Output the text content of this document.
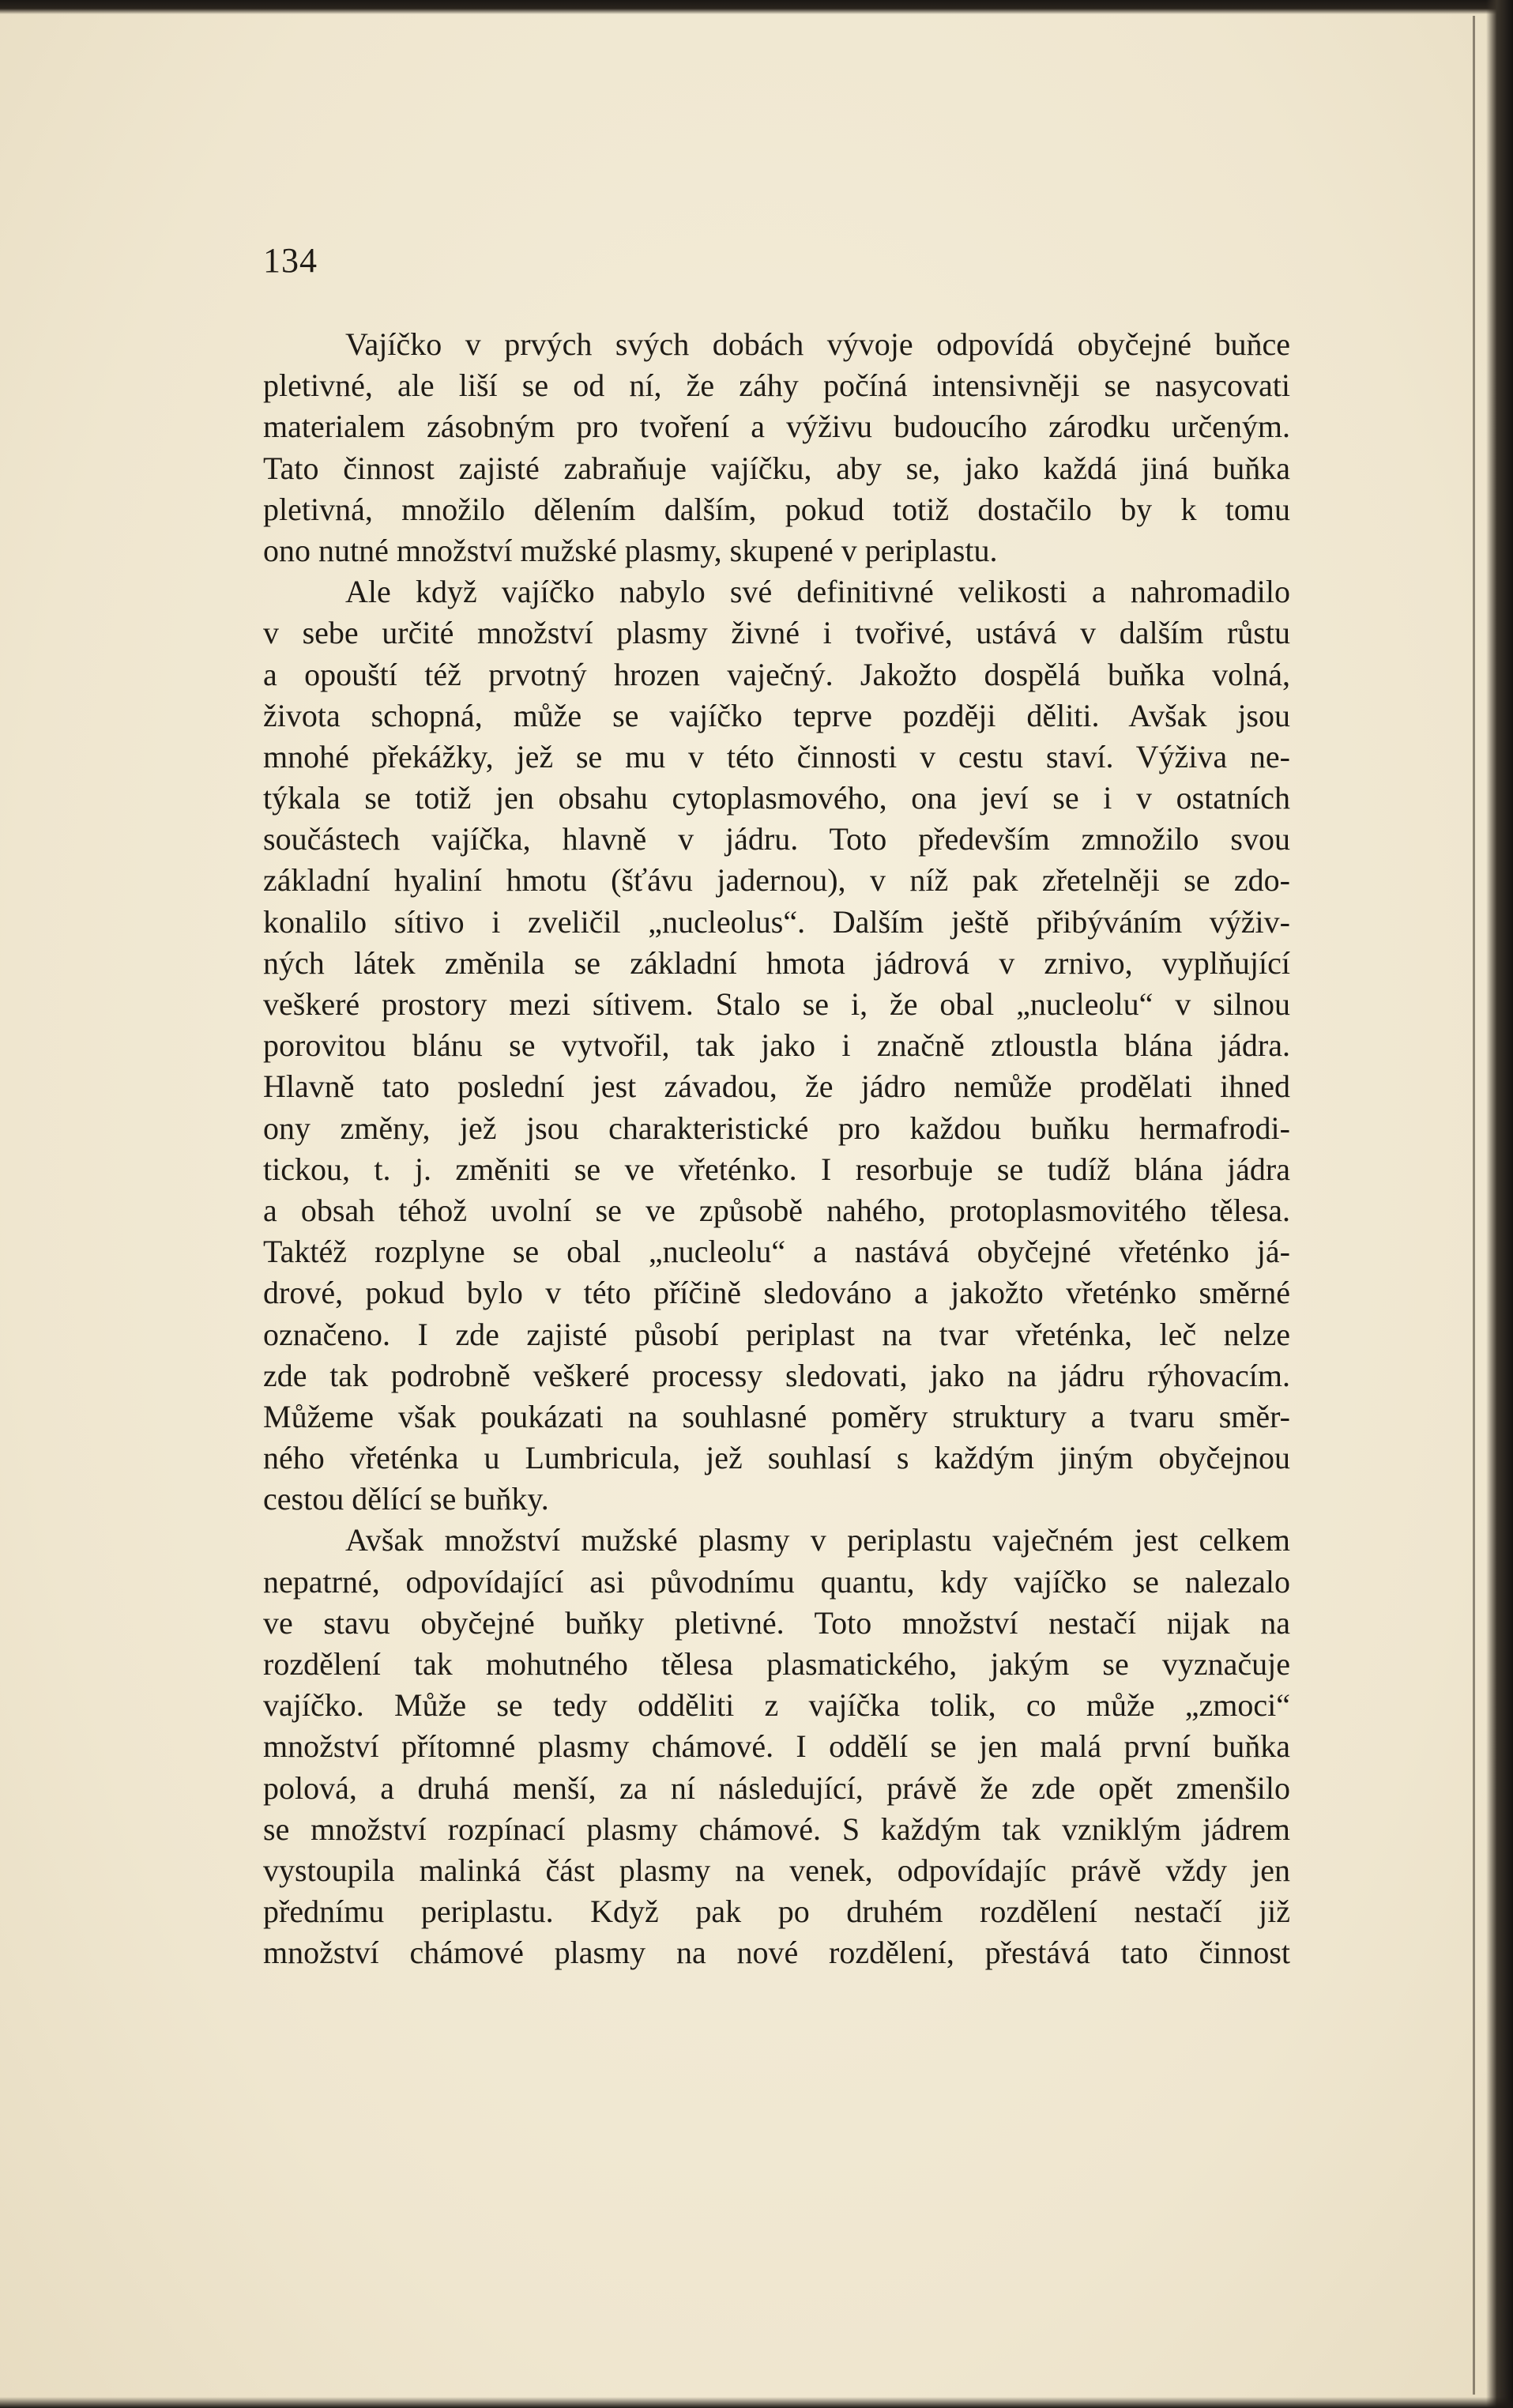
134
Vajíčko v prvých svých dobách vývoje odpovídá obyčejné buňce
pletivné, ale liší se od ní, že záhy počíná intensivněji se nasycovati
materialem zásobným pro tvoření a výživu budoucího zárodku určeným.
Tato činnost zajisté zabraňuje vajíčku, aby se, jako každá jiná buňka
pletivná, množilo dělením dalším, pokud totiž dostačilo by k tomu
ono nutné množství mužské plasmy, skupené v periplastu.
Ale když vajíčko nabylo své definitivné velikosti a nahromadilo
v sebe určité množství plasmy živné i tvořivé, ustává v dalším růstu
a opouští též prvotný hrozen vaječný. Jakožto dospělá buňka volná,
života schopná, může se vajíčko teprve později děliti. Avšak jsou
mnohé překážky, jež se mu v této činnosti v cestu staví. Výživa ne-
týkala se totiž jen obsahu cytoplasmového, ona jeví se i v ostatních
součástech vajíčka, hlavně v jádru. Toto především zmnožilo svou
základní hyaliní hmotu (šťávu jadernou), v níž pak zřetelněji se zdo-
konalilo sítivo i zveličil „nucleolus“. Dalším ještě přibýváním výživ-
ných látek změnila se základní hmota jádrová v zrnivo, vyplňující
veškeré prostory mezi sítivem. Stalo se i, že obal „nucleolu“ v silnou
porovitou blánu se vytvořil, tak jako i značně ztloustla blána jádra.
Hlavně tato poslední jest závadou, že jádro nemůže prodělati ihned
ony změny, jež jsou charakteristické pro každou buňku hermafrodi-
tickou, t. j. změniti se ve vřeténko. I resorbuje se tudíž blána jádra
a obsah téhož uvolní se ve způsobě nahého, protoplasmovitého tělesa.
Taktéž rozplyne se obal „nucleolu“ a nastává obyčejné vřeténko já-
drové, pokud bylo v této příčině sledováno a jakožto vřeténko směrné
označeno. I zde zajisté působí periplast na tvar vřeténka, leč nelze
zde tak podrobně veškeré processy sledovati, jako na jádru rýhovacím.
Můžeme však poukázati na souhlasné poměry struktury a tvaru směr-
ného vřeténka u Lumbricula, jež souhlasí s každým jiným obyčejnou
cestou dělící se buňky.
Avšak množství mužské plasmy v periplastu vaječném jest celkem
nepatrné, odpovídající asi původnímu quantu, kdy vajíčko se nalezalo
ve stavu obyčejné buňky pletivné. Toto množství nestačí nijak na
rozdělení tak mohutného tělesa plasmatického, jakým se vyznačuje
vajíčko. Může se tedy odděliti z vajíčka tolik, co může „zmoci“
množství přítomné plasmy chámové. I oddělí se jen malá první buňka
polová, a druhá menší, za ní následující, právě že zde opět zmenšilo
se množství rozpínací plasmy chámové. S každým tak vzniklým jádrem
vystoupila malinká část plasmy na venek, odpovídajíc právě vždy jen
přednímu periplastu. Když pak po druhém rozdělení nestačí již
množství chámové plasmy na nové rozdělení, přestává tato činnost
